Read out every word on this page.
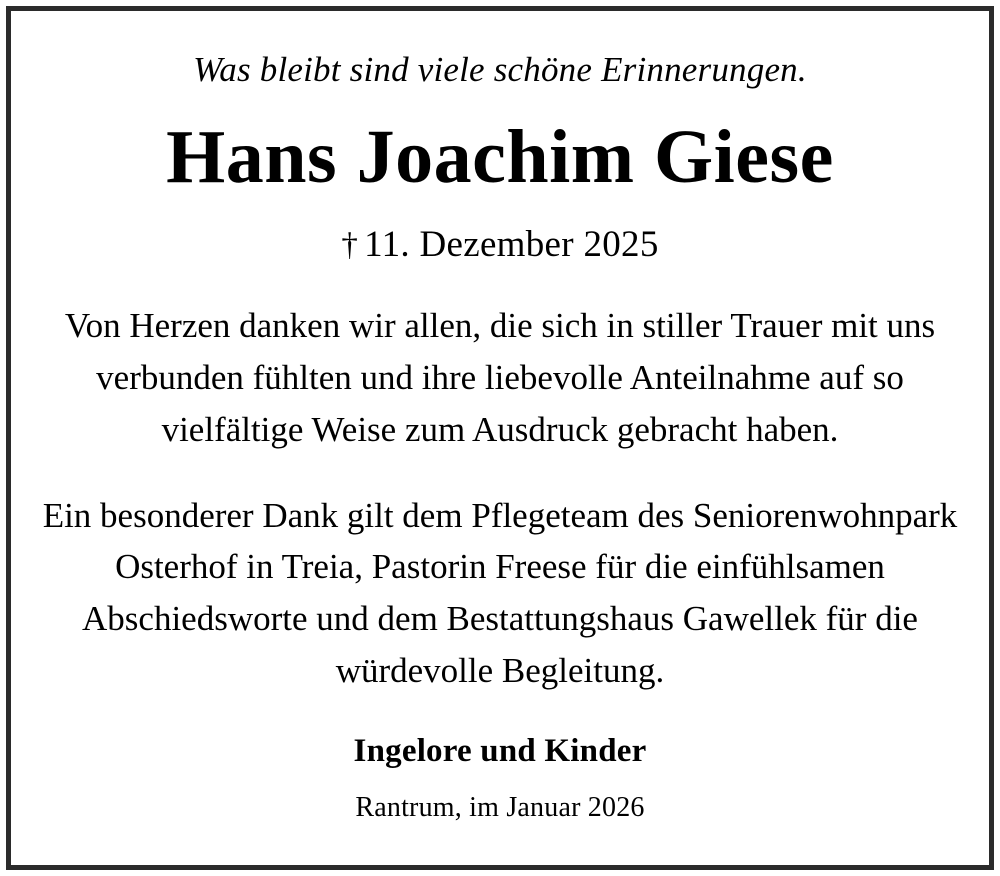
Was bleibt sind viele schöne Erinnerungen.
Hans Joachim Giese
† 11. Dezember 2025
Von Herzen danken wir allen, die sich in stiller Trauer mit uns verbunden fühlten und ihre liebevolle Anteilnahme auf so vielfältige Weise zum Ausdruck gebracht haben.
Ein besonderer Dank gilt dem Pflegeteam des Seniorenwohnpark Osterhof in Treia, Pastorin Freese für die einfühlsamen Abschiedsworte und dem Bestattungshaus Gawellek für die würdevolle Begleitung.
Ingelore und Kinder
Rantrum, im Januar 2026
